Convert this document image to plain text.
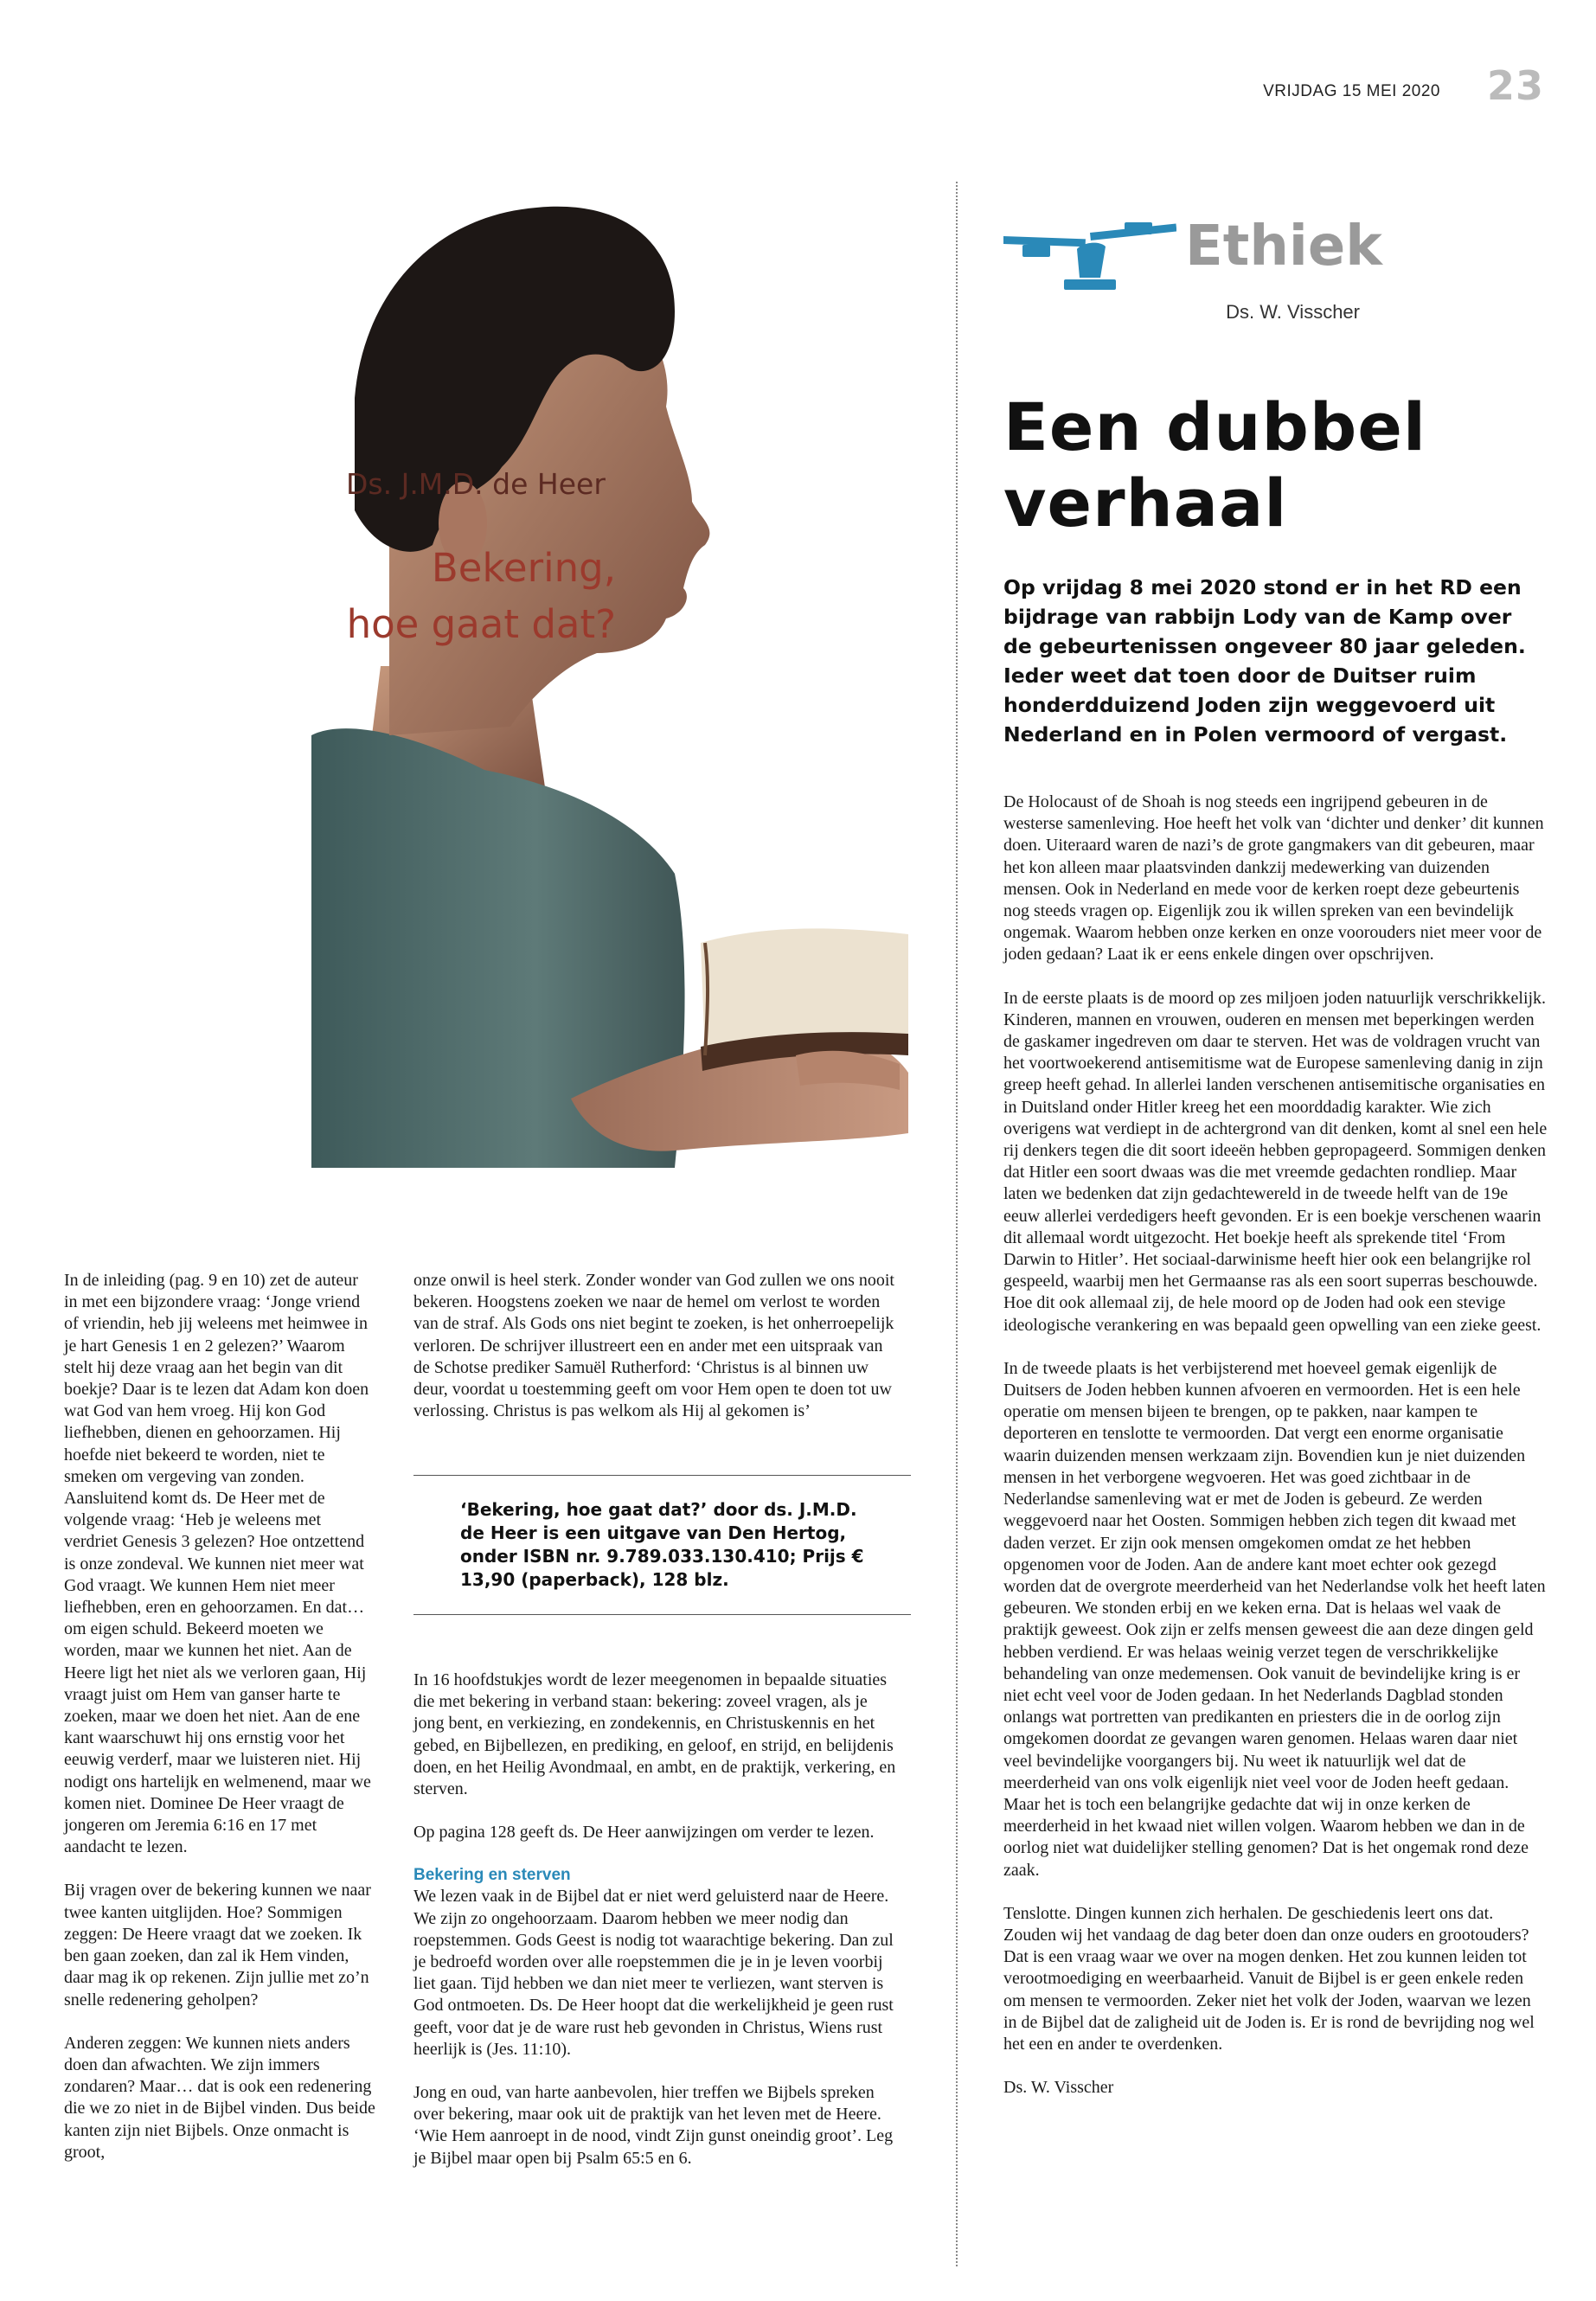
VRIJDAG 15 MEI 2020 23
Ds. J.M.D. de Heer
Bekering,
hoe gaat dat?
Ethiek
Ds. W. Visscher
Een dubbel verhaal
Op vrijdag 8 mei 2020 stond er in het RD een bijdrage van rabbijn Lody van de Kamp over de gebeurtenissen ongeveer 80 jaar geleden. Ieder weet dat toen door de Duitser ruim honderdduizend Joden zijn weggevoerd uit Nederland en in Polen vermoord of vergast.

De Holocaust of de Shoah is nog steeds een ingrijpend gebeuren in de westerse samenleving. Hoe heeft het volk van ‘dichter und denker’ dit kunnen doen. Uiteraard waren de nazi’s de grote gangmakers van dit gebeuren, maar het kon alleen maar plaatsvinden dankzij medewerking van duizenden mensen. Ook in Nederland en mede voor de kerken roept deze gebeurtenis nog steeds vragen op. Eigenlijk zou ik willen spreken van een bevindelijk ongemak. Waarom hebben onze kerken en onze voorouders niet meer voor de joden gedaan? Laat ik er eens enkele dingen over opschrijven.

In de eerste plaats is de moord op zes miljoen joden natuurlijk verschrikkelijk. Kinderen, mannen en vrouwen, ouderen en mensen met beperkingen werden de gaskamer ingedreven om daar te sterven. Het was de voldragen vrucht van het voortwoekerend antisemitisme wat de Europese samenleving danig in zijn greep heeft gehad. In allerlei landen verschenen antisemitische organisaties en in Duitsland onder Hitler kreeg het een moorddadig karakter. Wie zich overigens wat verdiept in de achtergrond van dit denken, komt al snel een hele rij denkers tegen die dit soort ideeën hebben gepropageerd. Sommigen denken dat Hitler een soort dwaas was die met vreemde gedachten rondliep. Maar laten we bedenken dat zijn gedachtewereld in de tweede helft van de 19e eeuw allerlei verdedigers heeft gevonden. Er is een boekje verschenen waarin dit allemaal wordt uitgezocht. Het boekje heeft als sprekende titel ‘From Darwin to Hitler’. Het sociaal-darwinisme heeft hier ook een belangrijke rol gespeeld, waarbij men het Germaanse ras als een soort superras beschouwde. Hoe dit ook allemaal zij, de hele moord op de Joden had ook een stevige ideologische verankering en was bepaald geen opwelling van een zieke geest.

In de tweede plaats is het verbijsterend met hoeveel gemak eigenlijk de Duitsers de Joden hebben kunnen afvoeren en vermoorden. Het is een hele operatie om mensen bijeen te brengen, op te pakken, naar kampen te deporteren en tenslotte te vermoorden. Dat vergt een enorme organisatie waarin duizenden mensen werkzaam zijn. Bovendien kun je niet duizenden mensen in het verborgene wegvoeren. Het was goed zichtbaar in de Nederlandse samenleving wat er met de Joden is gebeurd. Ze werden weggevoerd naar het Oosten. Sommigen hebben zich tegen dit kwaad met daden verzet. Er zijn ook mensen omgekomen omdat ze het hebben opgenomen voor de Joden. Aan de andere kant moet echter ook gezegd worden dat de overgrote meerderheid van het Nederlandse volk het heeft laten gebeuren. We stonden erbij en we keken erna. Dat is helaas wel vaak de praktijk geweest. Ook zijn er zelfs mensen geweest die aan deze dingen geld hebben verdiend. Er was helaas weinig verzet tegen de verschrikkelijke behandeling van onze medemensen. Ook vanuit de bevindelijke kring is er niet echt veel voor de Joden gedaan. In het Nederlands Dagblad stonden onlangs wat portretten van predikanten en priesters die in de oorlog zijn omgekomen doordat ze gevangen waren genomen. Helaas waren daar niet veel bevindelijke voorgangers bij. Nu weet ik natuurlijk wel dat de meerderheid van ons volk eigenlijk niet veel voor de Joden heeft gedaan. Maar het is toch een belangrijke gedachte dat wij in onze kerken de meerderheid in het kwaad niet willen volgen. Waarom hebben we dan in de oorlog niet wat duidelijker stelling genomen? Dat is het ongemak rond deze zaak.

Tenslotte. Dingen kunnen zich herhalen. De geschiedenis leert ons dat. Zouden wij het vandaag de dag beter doen dan onze ouders en grootouders? Dat is een vraag waar we over na mogen denken. Het zou kunnen leiden tot verootmoediging en weerbaarheid. Vanuit de Bijbel is er geen enkele reden om mensen te vermoorden. Zeker niet het volk der Joden, waarvan we lezen in de Bijbel dat de zaligheid uit de Joden is. Er is rond de bevrijding nog wel het een en ander te overdenken.

Ds. W. Visscher

In de inleiding (pag. 9 en 10) zet de auteur in met een bijzondere vraag: ‘Jonge vriend of vriendin, heb jij weleens met heimwee in je hart Genesis 1 en 2 gelezen?’ Waarom stelt hij deze vraag aan het begin van dit boekje? Daar is te lezen dat Adam kon doen wat God van hem vroeg. Hij kon God liefhebben, dienen en gehoorzamen. Hij hoefde niet bekeerd te worden, niet te smeken om vergeving van zonden. Aansluitend komt ds. De Heer met de volgende vraag: ‘Heb je weleens met verdriet Genesis 3 gelezen? Hoe ontzettend is onze zondeval. We kunnen niet meer wat God vraagt. We kunnen Hem niet meer liefhebben, eren en gehoorzamen. En dat… om eigen schuld. Bekeerd moeten we worden, maar we kunnen het niet. Aan de Heere ligt het niet als we verloren gaan, Hij vraagt juist om Hem van ganser harte te zoeken, maar we doen het niet. Aan de ene kant waarschuwt hij ons ernstig voor het eeuwig verderf, maar we luisteren niet. Hij nodigt ons hartelijk en welmenend, maar we komen niet. Dominee De Heer vraagt de jongeren om Jeremia 6:16 en 17 met aandacht te lezen.

Bij vragen over de bekering kunnen we naar twee kanten uitglijden. Hoe? Sommigen zeggen: De Heere vraagt dat we zoeken. Ik ben gaan zoeken, dan zal ik Hem vinden, daar mag ik op rekenen. Zijn jullie met zo’n snelle redenering geholpen?

Anderen zeggen: We kunnen niets anders doen dan afwachten. We zijn immers zondaren? Maar… dat is ook een redenering die we zo niet in de Bijbel vinden. Dus beide kanten zijn niet Bijbels. Onze onmacht is groot,

onze onwil is heel sterk. Zonder wonder van God zullen we ons nooit bekeren. Hoogstens zoeken we naar de hemel om verlost te worden van de straf. Als Gods ons niet begint te zoeken, is het onherroepelijk verloren. De schrijver illustreert een en ander met een uitspraak van de Schotse prediker Samuël Rutherford: ‘Christus is al binnen uw deur, voordat u toestemming geeft om voor Hem open te doen tot uw verlossing. Christus is pas welkom als Hij al gekomen is’

‘Bekering, hoe gaat dat?’ door ds. J.M.D. de Heer is een uitgave van Den Hertog, onder ISBN nr. 9.789.033.130.410; Prijs € 13,90 (paperback), 128 blz.

In 16 hoofdstukjes wordt de lezer meegenomen in bepaalde situaties die met bekering in verband staan: bekering: zoveel vragen, als je jong bent, en verkiezing, en zondekennis, en Christuskennis en het gebed, en Bijbellezen, en prediking, en geloof, en strijd, en belijdenis doen, en het Heilig Avondmaal, en ambt, en de praktijk, verkering, en sterven.

Op pagina 128 geeft ds. De Heer aanwijzingen om verder te lezen.

Bekering en sterven

We lezen vaak in de Bijbel dat er niet werd geluisterd naar de Heere. We zijn zo ongehoorzaam. Daarom hebben we meer nodig dan roepstemmen. Gods Geest is nodig tot waarachtige bekering. Dan zul je bedroefd worden over alle roepstemmen die je in je leven voorbij liet gaan. Tijd hebben we dan niet meer te verliezen, want sterven is God ontmoeten. Ds. De Heer hoopt dat die werkelijkheid je geen rust geeft, voor dat je de ware rust heb gevonden in Christus, Wiens rust heerlijk is (Jes. 11:10).

Jong en oud, van harte aanbevolen, hier treffen we Bijbels spreken over bekering, maar ook uit de praktijk van het leven met de Heere. ‘Wie Hem aanroept in de nood, vindt Zijn gunst oneindig groot’. Leg je Bijbel maar open bij Psalm 65:5 en 6.
